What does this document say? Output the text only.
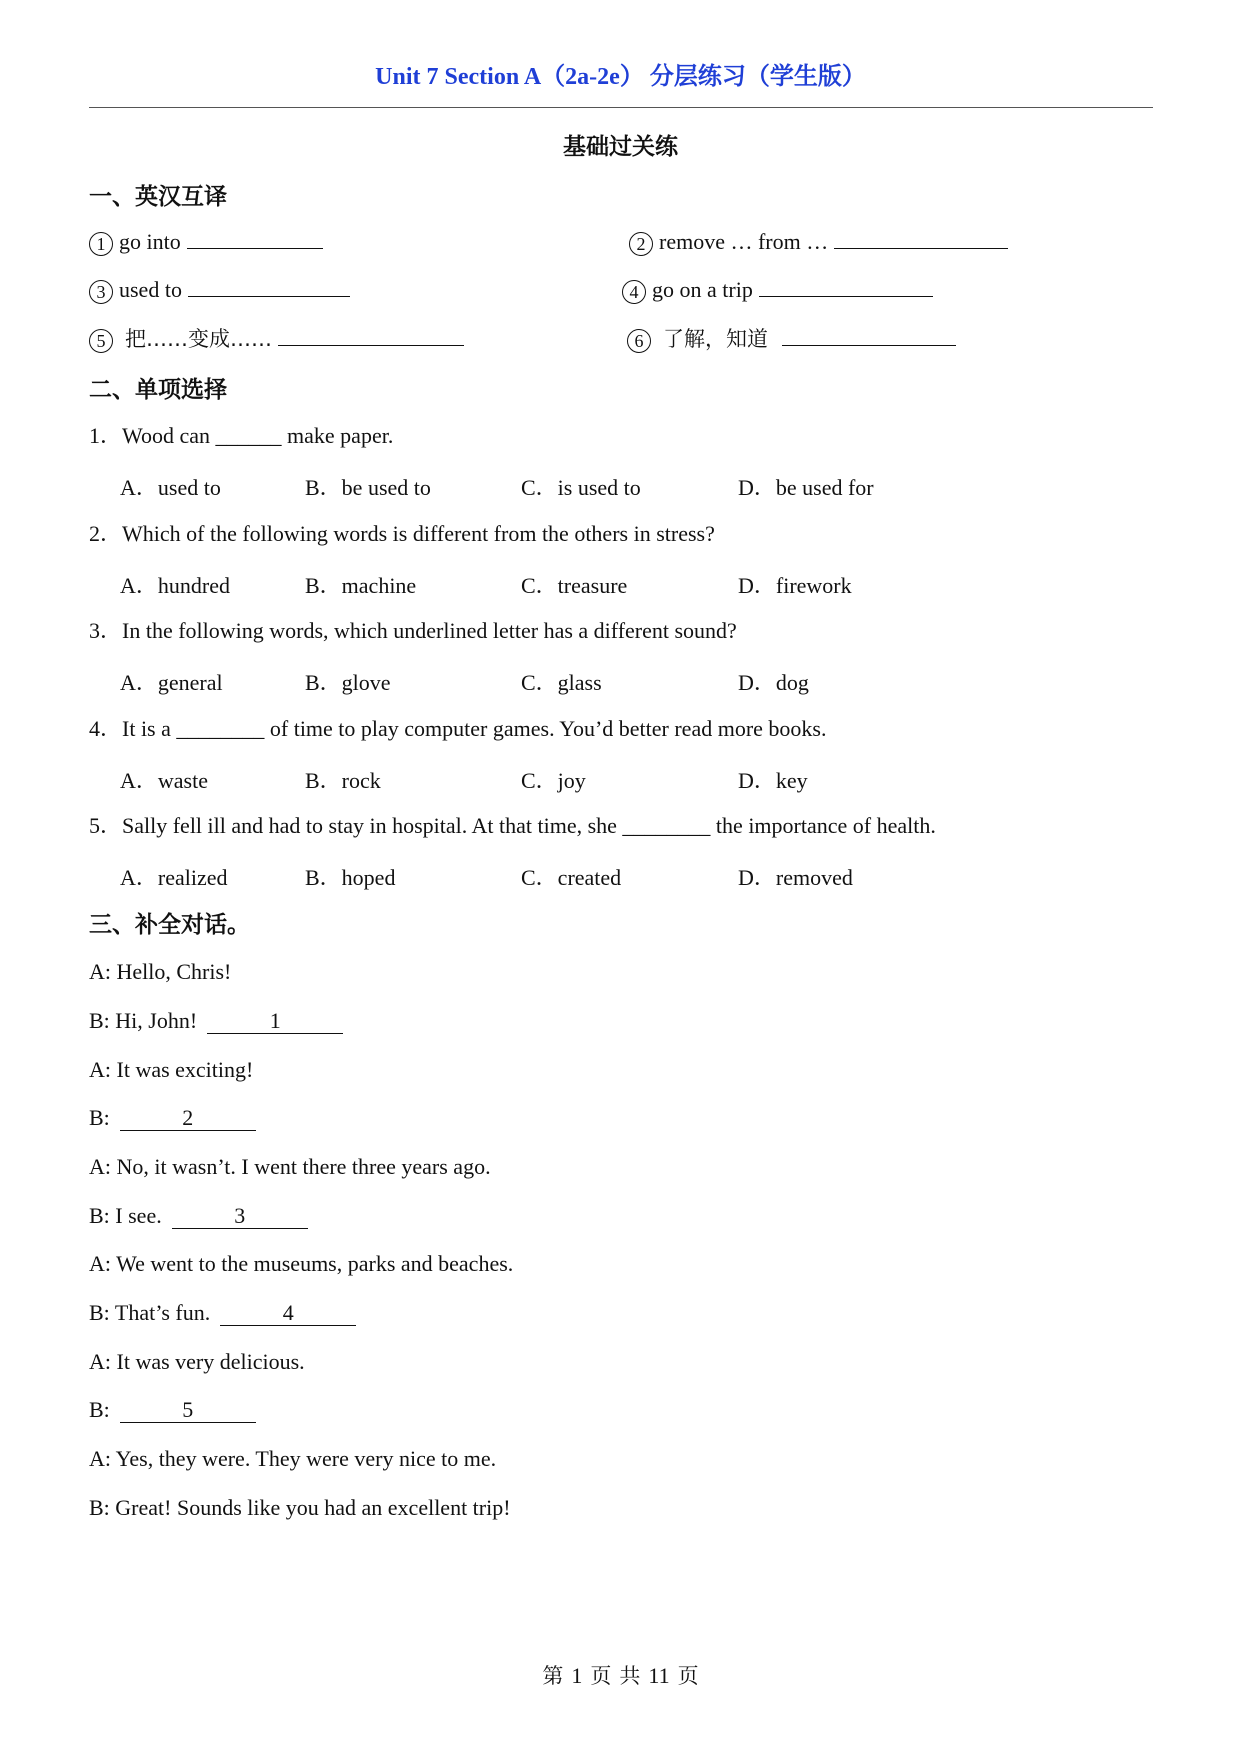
Unit 7 Section A（2a-2e） 分层练习（学生版）
基础过关练
一、英汉互译
1 go into	2 remove … from …
3 used to	4 go on a trip
5 把……变成……	6 了解，知道
二、单项选择
1．Wood can ______ make paper.
A．used to	B．be used to	C．is used to	D．be used for
2．Which of the following words is different from the others in stress?
A．hundred	B．machine	C．treasure	D．firework
3．In the following words, which underlined letter has a different sound?
A．general	B．glove	C．glass	D．dog
4．It is a ________ of time to play computer games. You’d better read more books.
A．waste	B．rock	C．joy	D．key
5．Sally fell ill and had to stay in hospital. At that time, she ________ the importance of health.
A．realized	B．hoped	C．created	D．removed
三、补全对话。
A: Hello, Chris!
B: Hi, John!	1
A: It was exciting!
B:	2
A: No, it wasn’t. I went there three years ago.
B: I see.	3
A: We went to the museums, parks and beaches.
B: That’s fun.	4
A: It was very delicious.
B:	5
A: Yes, they were. They were very nice to me.
B: Great! Sounds like you had an excellent trip!
第 1 页 共 11 页
